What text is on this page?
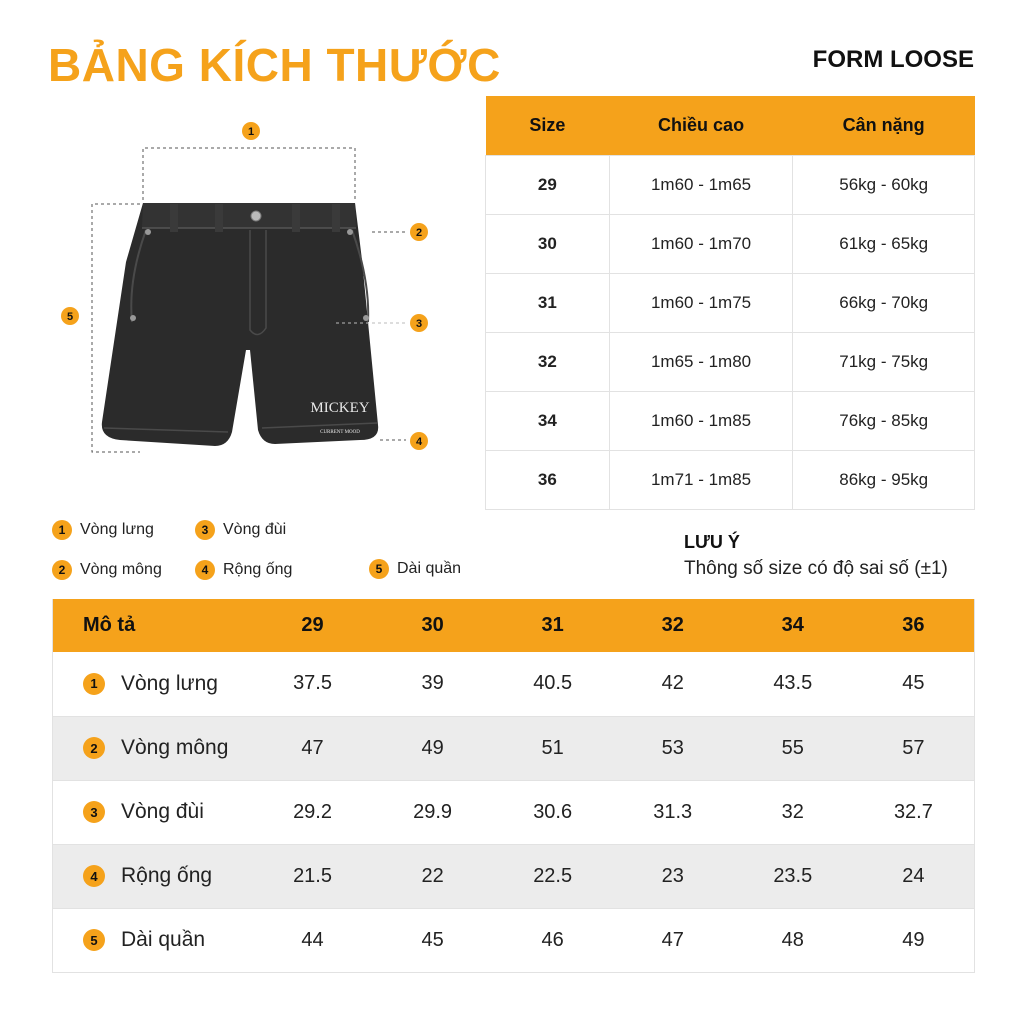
BẢNG KÍCH THƯỚC	FORM LOOSE
Size	Chiều cao	Cân nặng
29	1m60 - 1m65	56kg - 60kg
30	1m60 - 1m70	61kg - 65kg
31	1m60 - 1m75	66kg - 70kg
32	1m65 - 1m80	71kg - 75kg
34	1m60 - 1m85	76kg - 85kg
36	1m71 - 1m85	86kg - 95kg
1
5
MICKEY
CURRENT MOOD
2
3
4
1 Vòng lưng	3 Vòng đùi
2 Vòng mông	4 Rộng ống	5 Dài quần
LƯU Ý
Thông số size có độ sai số (±1)
Mô tả	29	30	31	32	34	36

1 Vòng lưng	37.5	39	40.5	42	43.5	45

2 Vòng mông	47	49	51	53	55	57

3 Vòng đùi	29.2	29.9	30.6	31.3	32	32.7

4 Rộng ống	21.5	22	22.5	23	23.5	24

5 Dài quần	44	45	46	47	48	49
